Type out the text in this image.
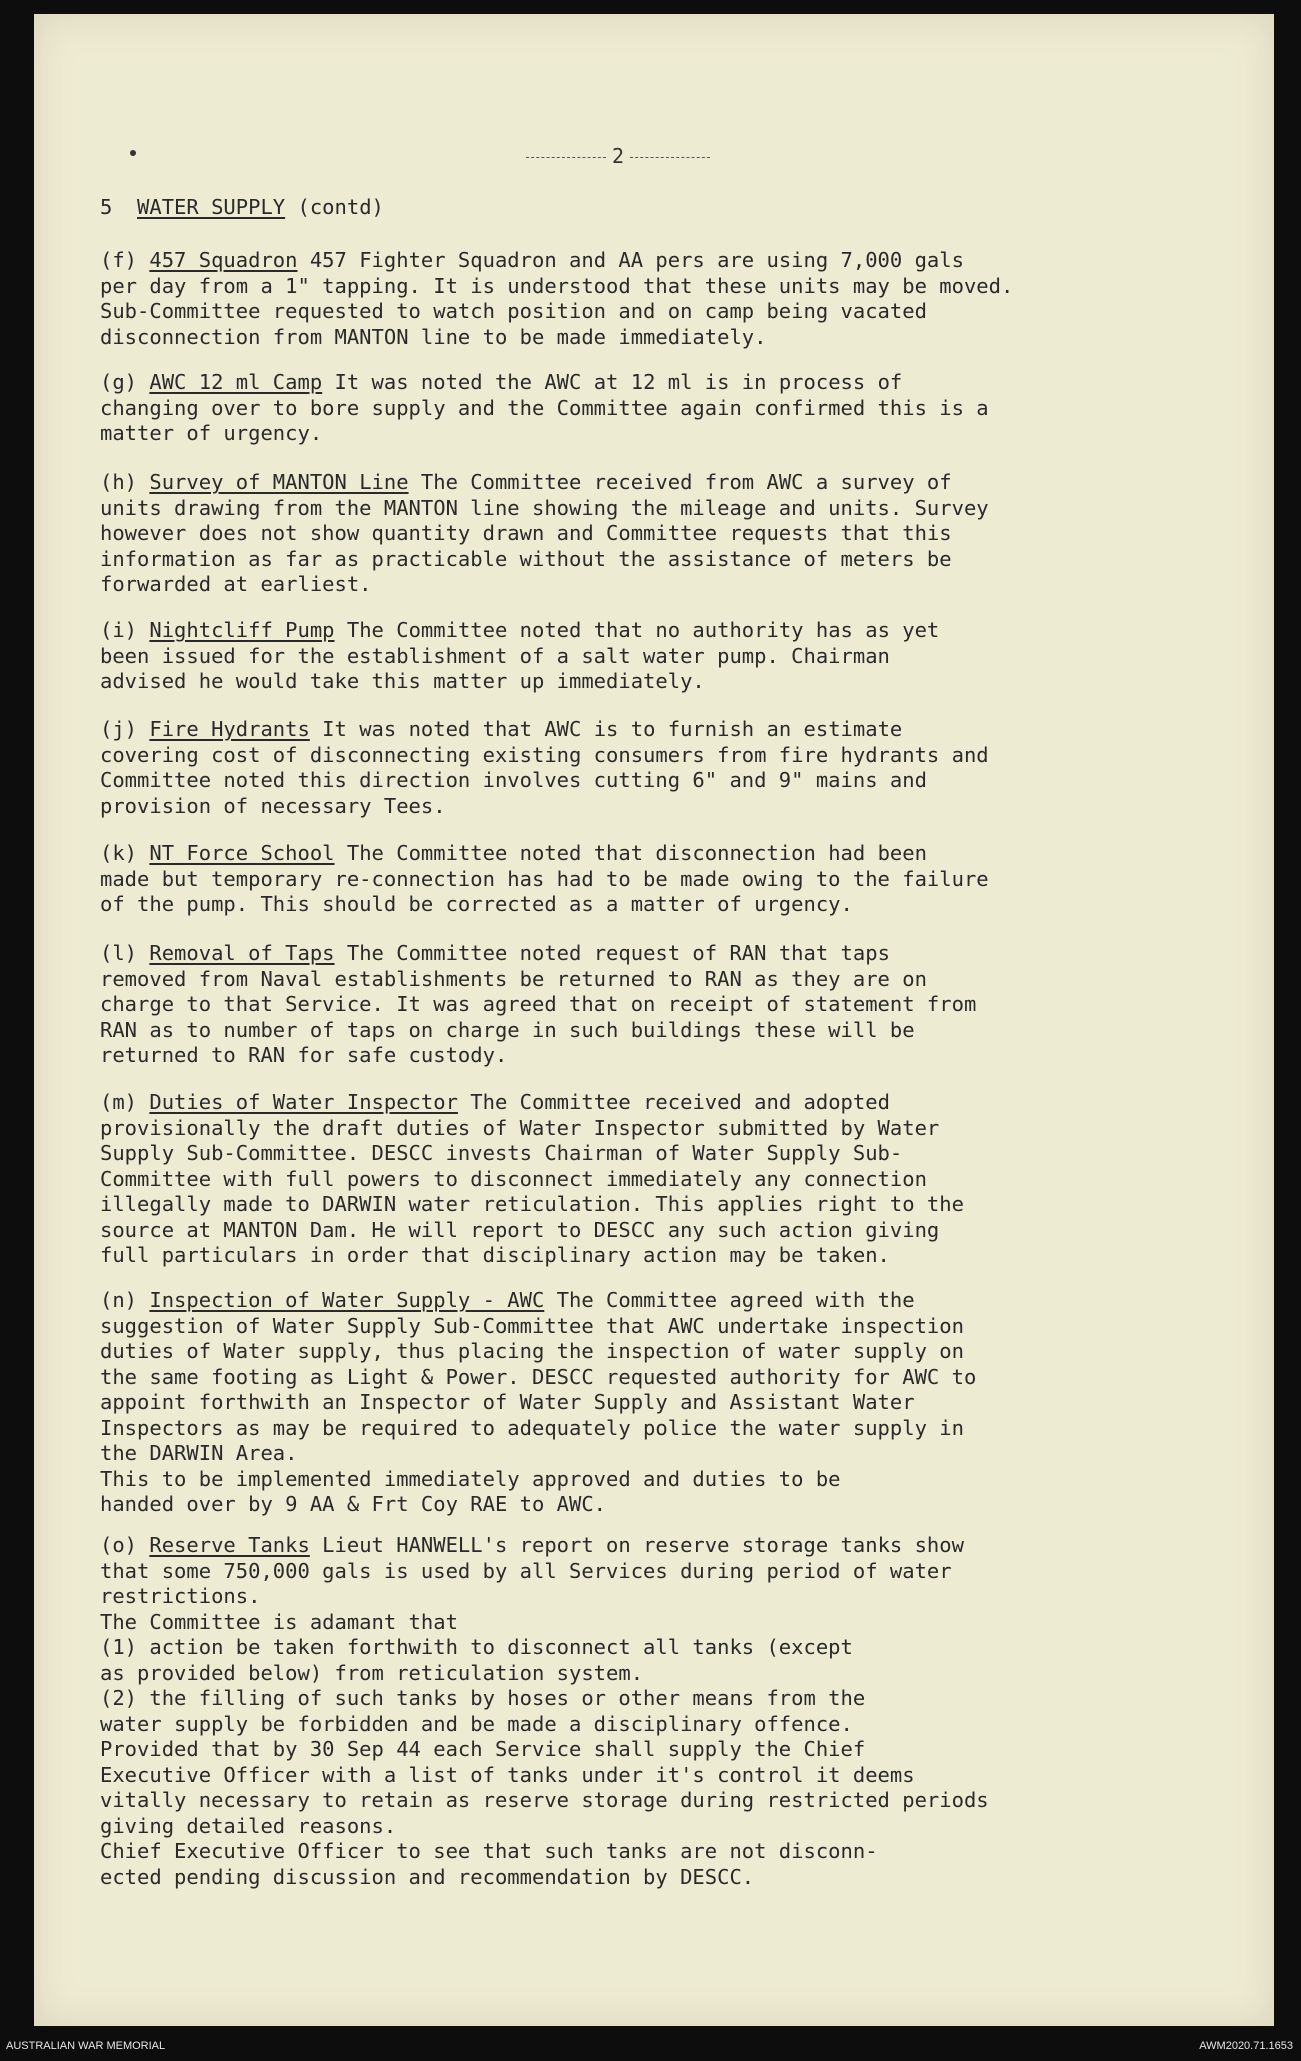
2
5 WATER SUPPLY (contd)

(f) 457 Squadron 457 Fighter Squadron and AA pers are using 7,000 gals
per day from a 1" tapping. It is understood that these units may be moved.
Sub-Committee requested to watch position and on camp being vacated
disconnection from MANTON line to be made immediately.

(g) AWC 12 ml Camp It was noted the AWC at 12 ml is in process of
changing over to bore supply and the Committee again confirmed this is a
matter of urgency.

(h) Survey of MANTON Line The Committee received from AWC a survey of
units drawing from the MANTON line showing the mileage and units. Survey
however does not show quantity drawn and Committee requests that this
information as far as practicable without the assistance of meters be
forwarded at earliest.

(i) Nightcliff Pump The Committee noted that no authority has as yet
been issued for the establishment of a salt water pump. Chairman
advised he would take this matter up immediately.

(j) Fire Hydrants It was noted that AWC is to furnish an estimate
covering cost of disconnecting existing consumers from fire hydrants and
Committee noted this direction involves cutting 6" and 9" mains and
provision of necessary Tees.

(k) NT Force School The Committee noted that disconnection had been
made but temporary re-connection has had to be made owing to the failure
of the pump. This should be corrected as a matter of urgency.

(l) Removal of Taps The Committee noted request of RAN that taps
removed from Naval establishments be returned to RAN as they are on
charge to that Service. It was agreed that on receipt of statement from
RAN as to number of taps on charge in such buildings these will be
returned to RAN for safe custody.

(m) Duties of Water Inspector The Committee received and adopted
provisionally the draft duties of Water Inspector submitted by Water
Supply Sub-Committee. DESCC invests Chairman of Water Supply Sub-
Committee with full powers to disconnect immediately any connection
illegally made to DARWIN water reticulation. This applies right to the
source at MANTON Dam. He will report to DESCC any such action giving
full particulars in order that disciplinary action may be taken.

(n) Inspection of Water Supply - AWC The Committee agreed with the
suggestion of Water Supply Sub-Committee that AWC undertake inspection
duties of Water supply, thus placing the inspection of water supply on
the same footing as Light & Power. DESCC requested authority for AWC to
appoint forthwith an Inspector of Water Supply and Assistant Water
Inspectors as may be required to adequately police the water supply in
the DARWIN Area.
This to be implemented immediately approved and duties to be
handed over by 9 AA & Frt Coy RAE to AWC.

(o) Reserve Tanks Lieut HANWELL's report on reserve storage tanks show
that some 750,000 gals is used by all Services during period of water
restrictions.
The Committee is adamant that
(1) action be taken forthwith to disconnect all tanks (except
as provided below) from reticulation system.
(2) the filling of such tanks by hoses or other means from the
water supply be forbidden and be made a disciplinary offence.
Provided that by 30 Sep 44 each Service shall supply the Chief
Executive Officer with a list of tanks under it's control it deems
vitally necessary to retain as reserve storage during restricted periods
giving detailed reasons.
Chief Executive Officer to see that such tanks are not disconn-
ected pending discussion and recommendation by DESCC.

AUSTRALIAN WAR MEMORIAL	AWM2020.71.1653
